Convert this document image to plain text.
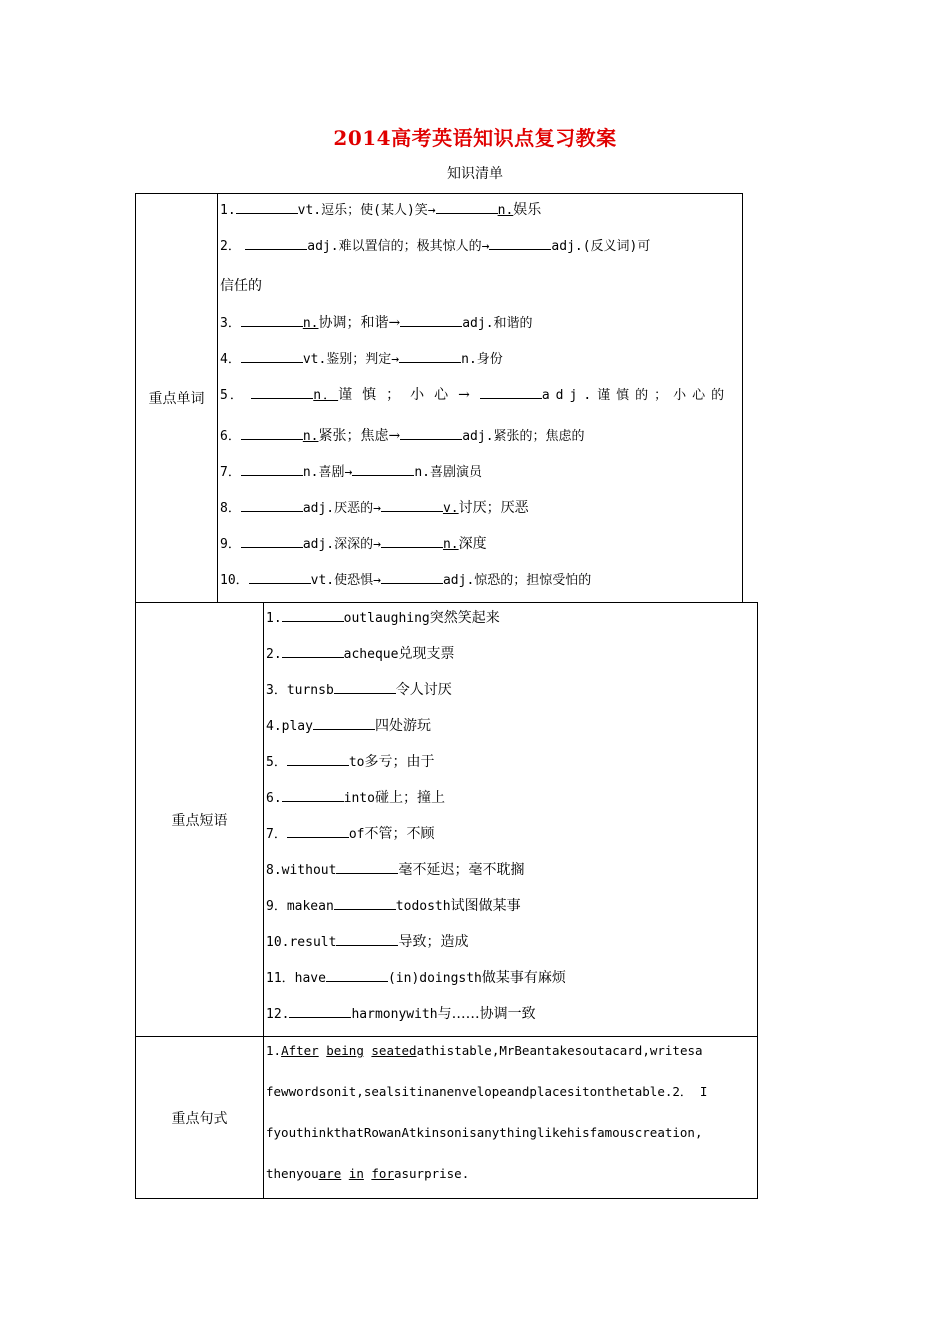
2014高考英语知识点复习教案
知识清单
重点单词
1.	vt.逗乐；使(某人)笑→	n.娱乐
2．	adj.难以置信的；极其惊人的→	adj.(反义词)可
信任的
3．	n.协调；和谐→	adj.和谐的
4．	vt.鉴别；判定→	n.身份
5．	n．谨慎；小心→	adj.谨慎的；小心的
6．	n.紧张；焦虑→	adj.紧张的；焦虑的
7．	n.喜剧→	n.喜剧演员
8．	adj.厌恶的→	v.讨厌；厌恶
9．	adj.深深的→	n.深度
10．	vt.使恐惧→	adj.惊恐的；担惊受怕的
重点短语
1.	outlaughing突然笑起来
2.	acheque兑现支票
3．turnsb	令人讨厌
4.play	四处游玩
5．	to多亏；由于
6.	into碰上；撞上
7．	of不管；不顾
8.without	毫不延迟；毫不耽搁
9．makean	todosth试图做某事
10.result	导致；造成
11．have	(in)doingsth做某事有麻烦
12.	harmonywith与……协调一致
重点句式
1.After being seatedathistable,MrBeantakesoutacard,writesa
fewwordsonit,sealsitinanenvelopeandplacesitonthetable.2． I
fyouthinkthatRowanAtkinsonisanythinglikehisfamouscreation,
thenyouare in forasurprise.
